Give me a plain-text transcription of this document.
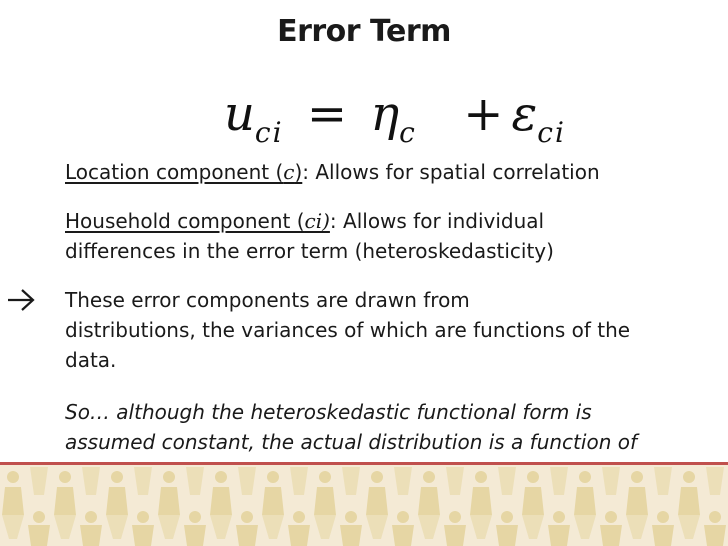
Error Term
$u_{ci} = \eta_c + \varepsilon_{ci}$
Location component (c): Allows for spatial correlation
Household component (ci): Allows for individual
differences in the error term (heteroskedasticity)
These error components are drawn from
distributions, the variances of which are functions of the
data.
So… although the heteroskedastic functional form is
assumed constant, the actual distribution is a function of
